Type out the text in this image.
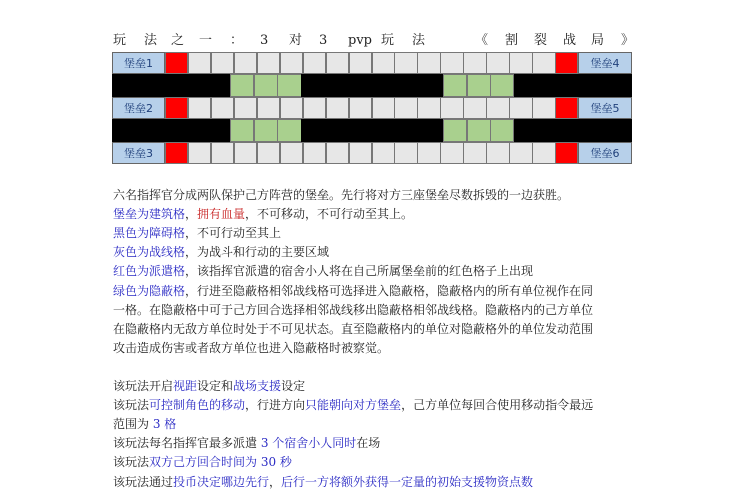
玩 法 之 一 ： 3 对 3 pvp 玩 法	《 割 裂 战 局 》
堡垒1	堡垒4
堡垒2	堡垒5
堡垒3	堡垒6
六名指挥官分成两队保护己方阵营的堡垒。先行将对方三座堡垒尽数拆毁的一边获胜。
堡垒为建筑格，拥有血量，不可移动，不可行动至其上。
黑色为障碍格，不可行动至其上
灰色为战线格，为战斗和行动的主要区域
红色为派遣格，该指挥官派遣的宿舍小人将在自己所属堡垒前的红色格子上出现
绿色为隐蔽格，行进至隐蔽格相邻战线格可选择进入隐蔽格，隐蔽格内的所有单位视作在同
一格。在隐蔽格中可于己方回合选择相邻战线移出隐蔽格相邻战线格。隐蔽格内的己方单位
在隐蔽格内无敌方单位时处于不可见状态。直至隐蔽格内的单位对隐蔽格外的单位发动范围
攻击造成伤害或者敌方单位也进入隐蔽格时被察觉。
该玩法开启视距设定和战场支援设定
该玩法可控制角色的移动，行进方向只能朝向对方堡垒，己方单位每回合使用移动指令最远
范围为 3 格
该玩法每名指挥官最多派遣 3 个宿舍小人同时在场
该玩法双方己方回合时间为 30 秒
该玩法通过投币决定哪边先行，后行一方将额外获得一定量的初始支援物资点数
